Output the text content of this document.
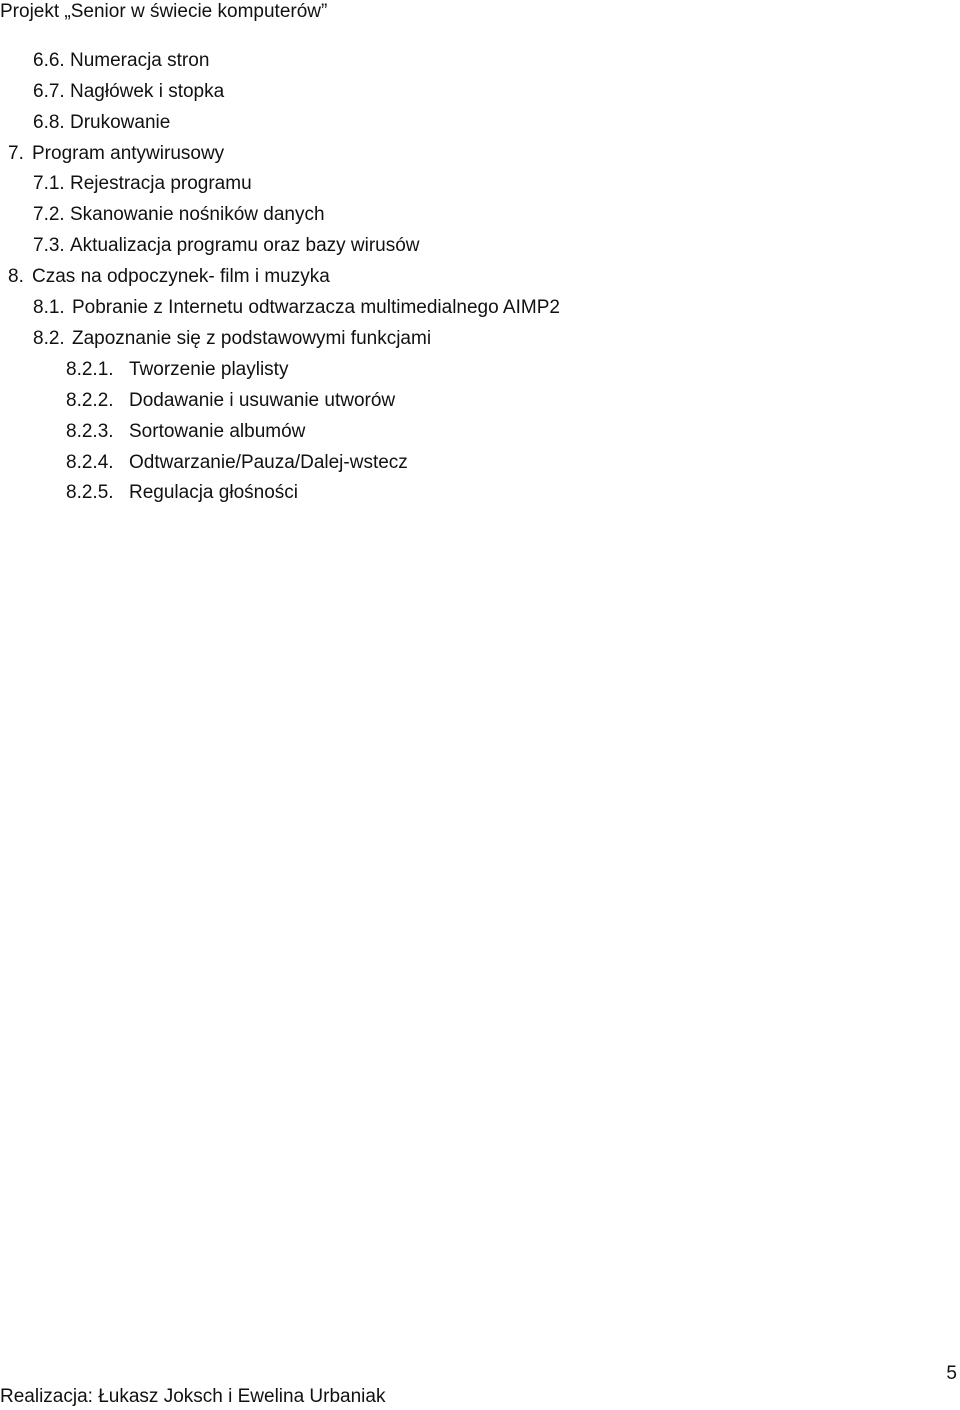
Projekt „Senior w świecie komputerów”
6.6. Numeracja stron
6.7. Nagłówek i stopka
6.8. Drukowanie
7. Program antywirusowy
7.1. Rejestracja programu
7.2. Skanowanie nośników danych
7.3. Aktualizacja programu oraz bazy wirusów
8. Czas na odpoczynek- film i muzyka
8.1. Pobranie z Internetu odtwarzacza multimedialnego AIMP2
8.2. Zapoznanie się z podstawowymi funkcjami
8.2.1. Tworzenie playlisty
8.2.2. Dodawanie i usuwanie utworów
8.2.3. Sortowanie albumów
8.2.4. Odtwarzanie/Pauza/Dalej-wstecz
8.2.5. Regulacja głośności
5
Realizacja: Łukasz Joksch i Ewelina Urbaniak
